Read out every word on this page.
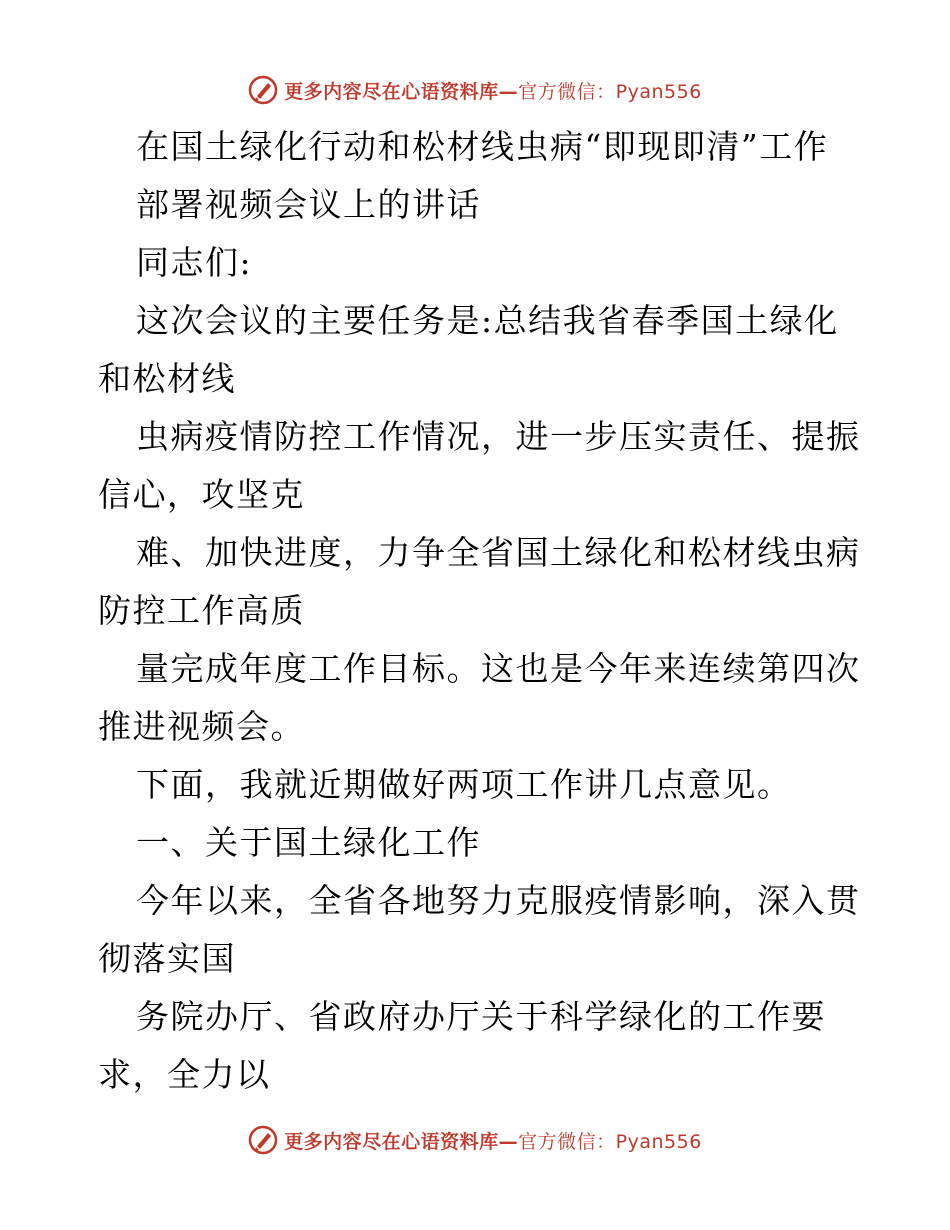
更多内容尽在心语资料库—官方微信：Pyan556
在国土绿化行动和松材线虫病“即现即清”工作
部署视频会议上的讲话
同志们:
这次会议的主要任务是:总结我省春季国土绿化
和松材线
虫病疫情防控工作情况，进一步压实责任、提振
信心，攻坚克
难、加快进度，力争全省国土绿化和松材线虫病
防控工作高质
量完成年度工作目标。这也是今年来连续第四次
推进视频会。
下面，我就近期做好两项工作讲几点意见。
一、关于国土绿化工作
今年以来，全省各地努力克服疫情影响，深入贯
彻落实国
务院办厅、省政府办厅关于科学绿化的工作要
求，全力以
更多内容尽在心语资料库—官方微信：Pyan556
